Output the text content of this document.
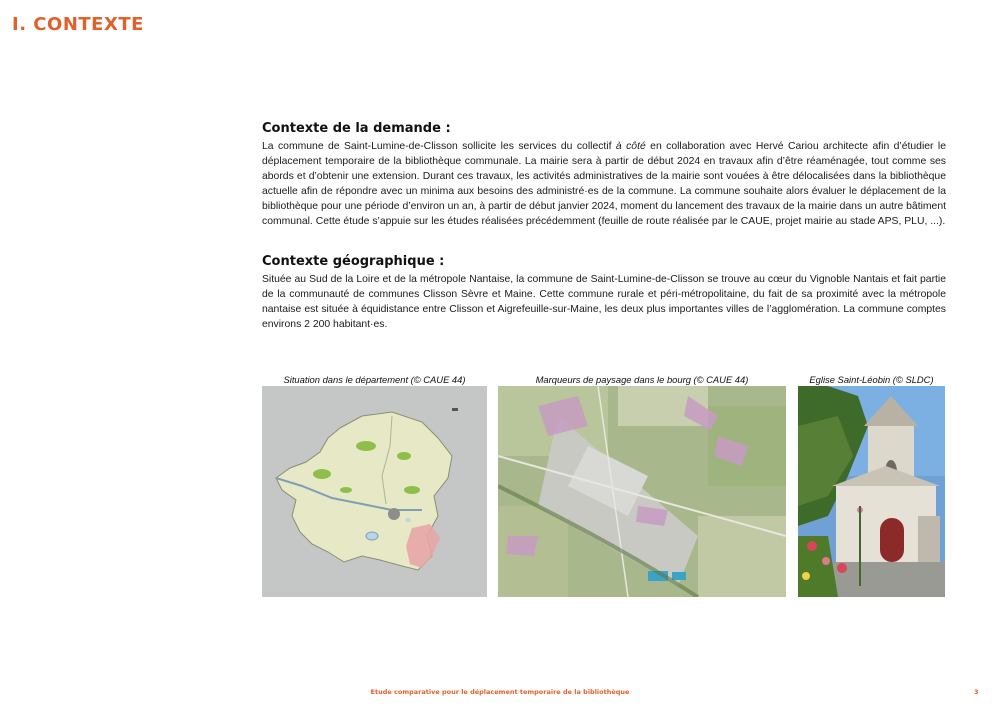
I. CONTEXTE
Contexte de la demande :

La commune de Saint-Lumine-de-Clisson sollicite les services du collectif à côté en collaboration avec Hervé Cariou architecte afin d’étudier le déplacement temporaire de la bibliothèque communale. La mairie sera à partir de début 2024 en travaux afin d’être réaménagée, tout comme ses abords et d’obtenir une extension. Durant ces travaux, les activités administratives de la mairie sont vouées à être délocalisées dans la bibliothèque actuelle afin de répondre avec un minima aux besoins des administré·es de la commune. La commune souhaite alors évaluer le déplacement de la bibliothèque pour une période d’environ un an, à partir de début janvier 2024, moment du lancement des travaux de la mairie dans un autre bâtiment communal. Cette étude s’appuie sur les études réalisées précédemment (feuille de route réalisée par le CAUE, projet mairie au stade APS, PLU, ...).

Contexte géographique :

Située au Sud de la Loire et de la métropole Nantaise, la commune de Saint-Lumine-de-Clisson se trouve au cœur du Vignoble Nantais et fait partie de la communauté de communes Clisson Sèvre et Maine. Cette commune rurale et péri-métropolitaine, du fait de sa proximité avec la métropole nantaise est située à équidistance entre Clisson et Aigrefeuille-sur-Maine, les deux plus importantes villes de l’agglomération. La commune comptes environs 2 200 habitant·es.

Situation dans le département (© CAUE 44)	Marqueurs de paysage dans le bourg (© CAUE 44)	Eglise Saint-Léobin (© SLDC)
Etude comparative pour le déplacement temporaire de la bibliothèque	3
